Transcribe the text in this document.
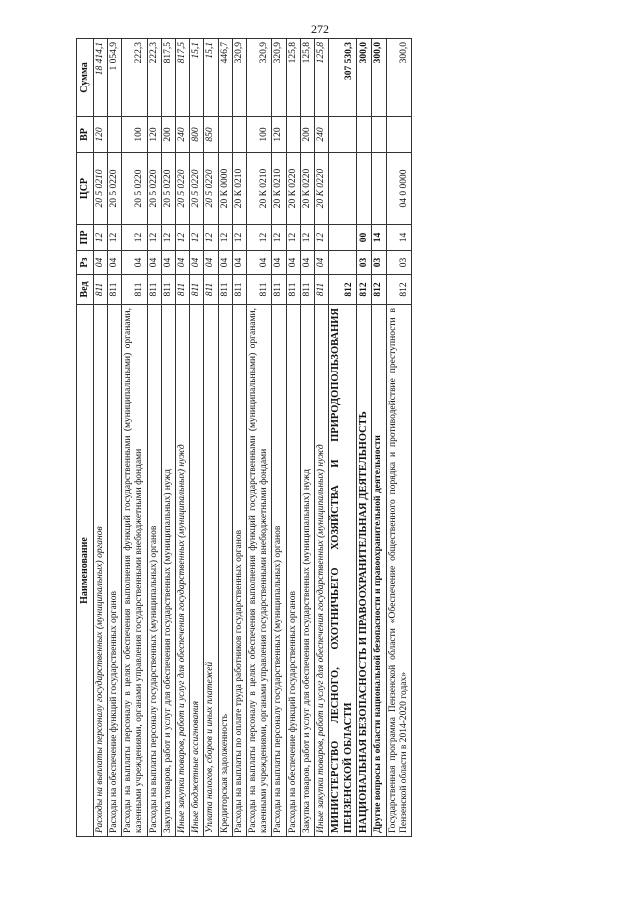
272
Наименование	Вед	Рз	ПР	ЦСР	ВР	Сумма
Расходы на выплаты персоналу государственных (муниципальных) органов	811	04	12	20 5 0210	120	18 414,1
Расходы на обеспечение функций государственных органов	811	04	12	20 5 0220		1 054,9
Расходы на выплаты персоналу в целях обеспечения выполнения функций государственными (муниципальными) органами, казенными учреждениями, органами управления государственными внебюджетными фондами	811	04	12	20 5 0220	100	222,3
Расходы на выплаты персоналу государственных (муниципальных) органов	811	04	12	20 5 0220	120	222,3
Закупка товаров, работ и услуг для обеспечения государственных (муниципальных) нужд	811	04	12	20 5 0220	200	817,5
Иные закупки товаров, работ и услуг для обеспечения государственных (муниципальных) нужд	811	04	12	20 5 0220	240	817,5
Иные бюджетные ассигнования	811	04	12	20 5 0220	800	15,1
Уплата налогов, сборов и иных платежей	811	04	12	20 5 0220	850	15,1
Кредиторская задолженность	811	04	12	20 К 0000		446,7
Расходы на выплаты по оплате труда работников государственных органов	811	04	12	20 К 0210		320,9
Расходы на выплаты персоналу в целях обеспечения выполнения функций государственными (муниципальными) органами, казенными учреждениями, органами управления государственными внебюджетными фондами	811	04	12	20 К 0210	100	320,9
Расходы на выплаты персоналу государственных (муниципальных) органов	811	04	12	20 К 0210	120	320,9
Расходы на обеспечение функций государственных органов	811	04	12	20 К 0220		125,8
Закупка товаров, работ и услуг для обеспечения государственных (муниципальных) нужд	811	04	12	20 К 0220	200	125,8
Иные закупки товаров, работ и услуг для обеспечения государственных (муниципальных) нужд	811	04	12	20 К 0220	240	125,8
МИНИСТЕРСТВО ЛЕСНОГО, ОХОТНИЧЬЕГО ХОЗЯЙСТВА И ПРИРОДОПОЛЬЗОВАНИЯ ПЕНЗЕНСКОЙ ОБЛАСТИ	812					307 530,3
НАЦИОНАЛЬНАЯ БЕЗОПАСНОСТЬ И ПРАВООХРАНИТЕЛЬНАЯ ДЕЯТЕЛЬНОСТЬ	812	03	00			300,0
Другие вопросы в области национальной безопасности и правоохранительной деятельности	812	03	14			300,0
Государственная программа Пензенской области «Обеспечение общественного порядка и противодействие преступности в Пензенской области в 2014-2020 годах»	812	03	14	04 0 0000		300,0
